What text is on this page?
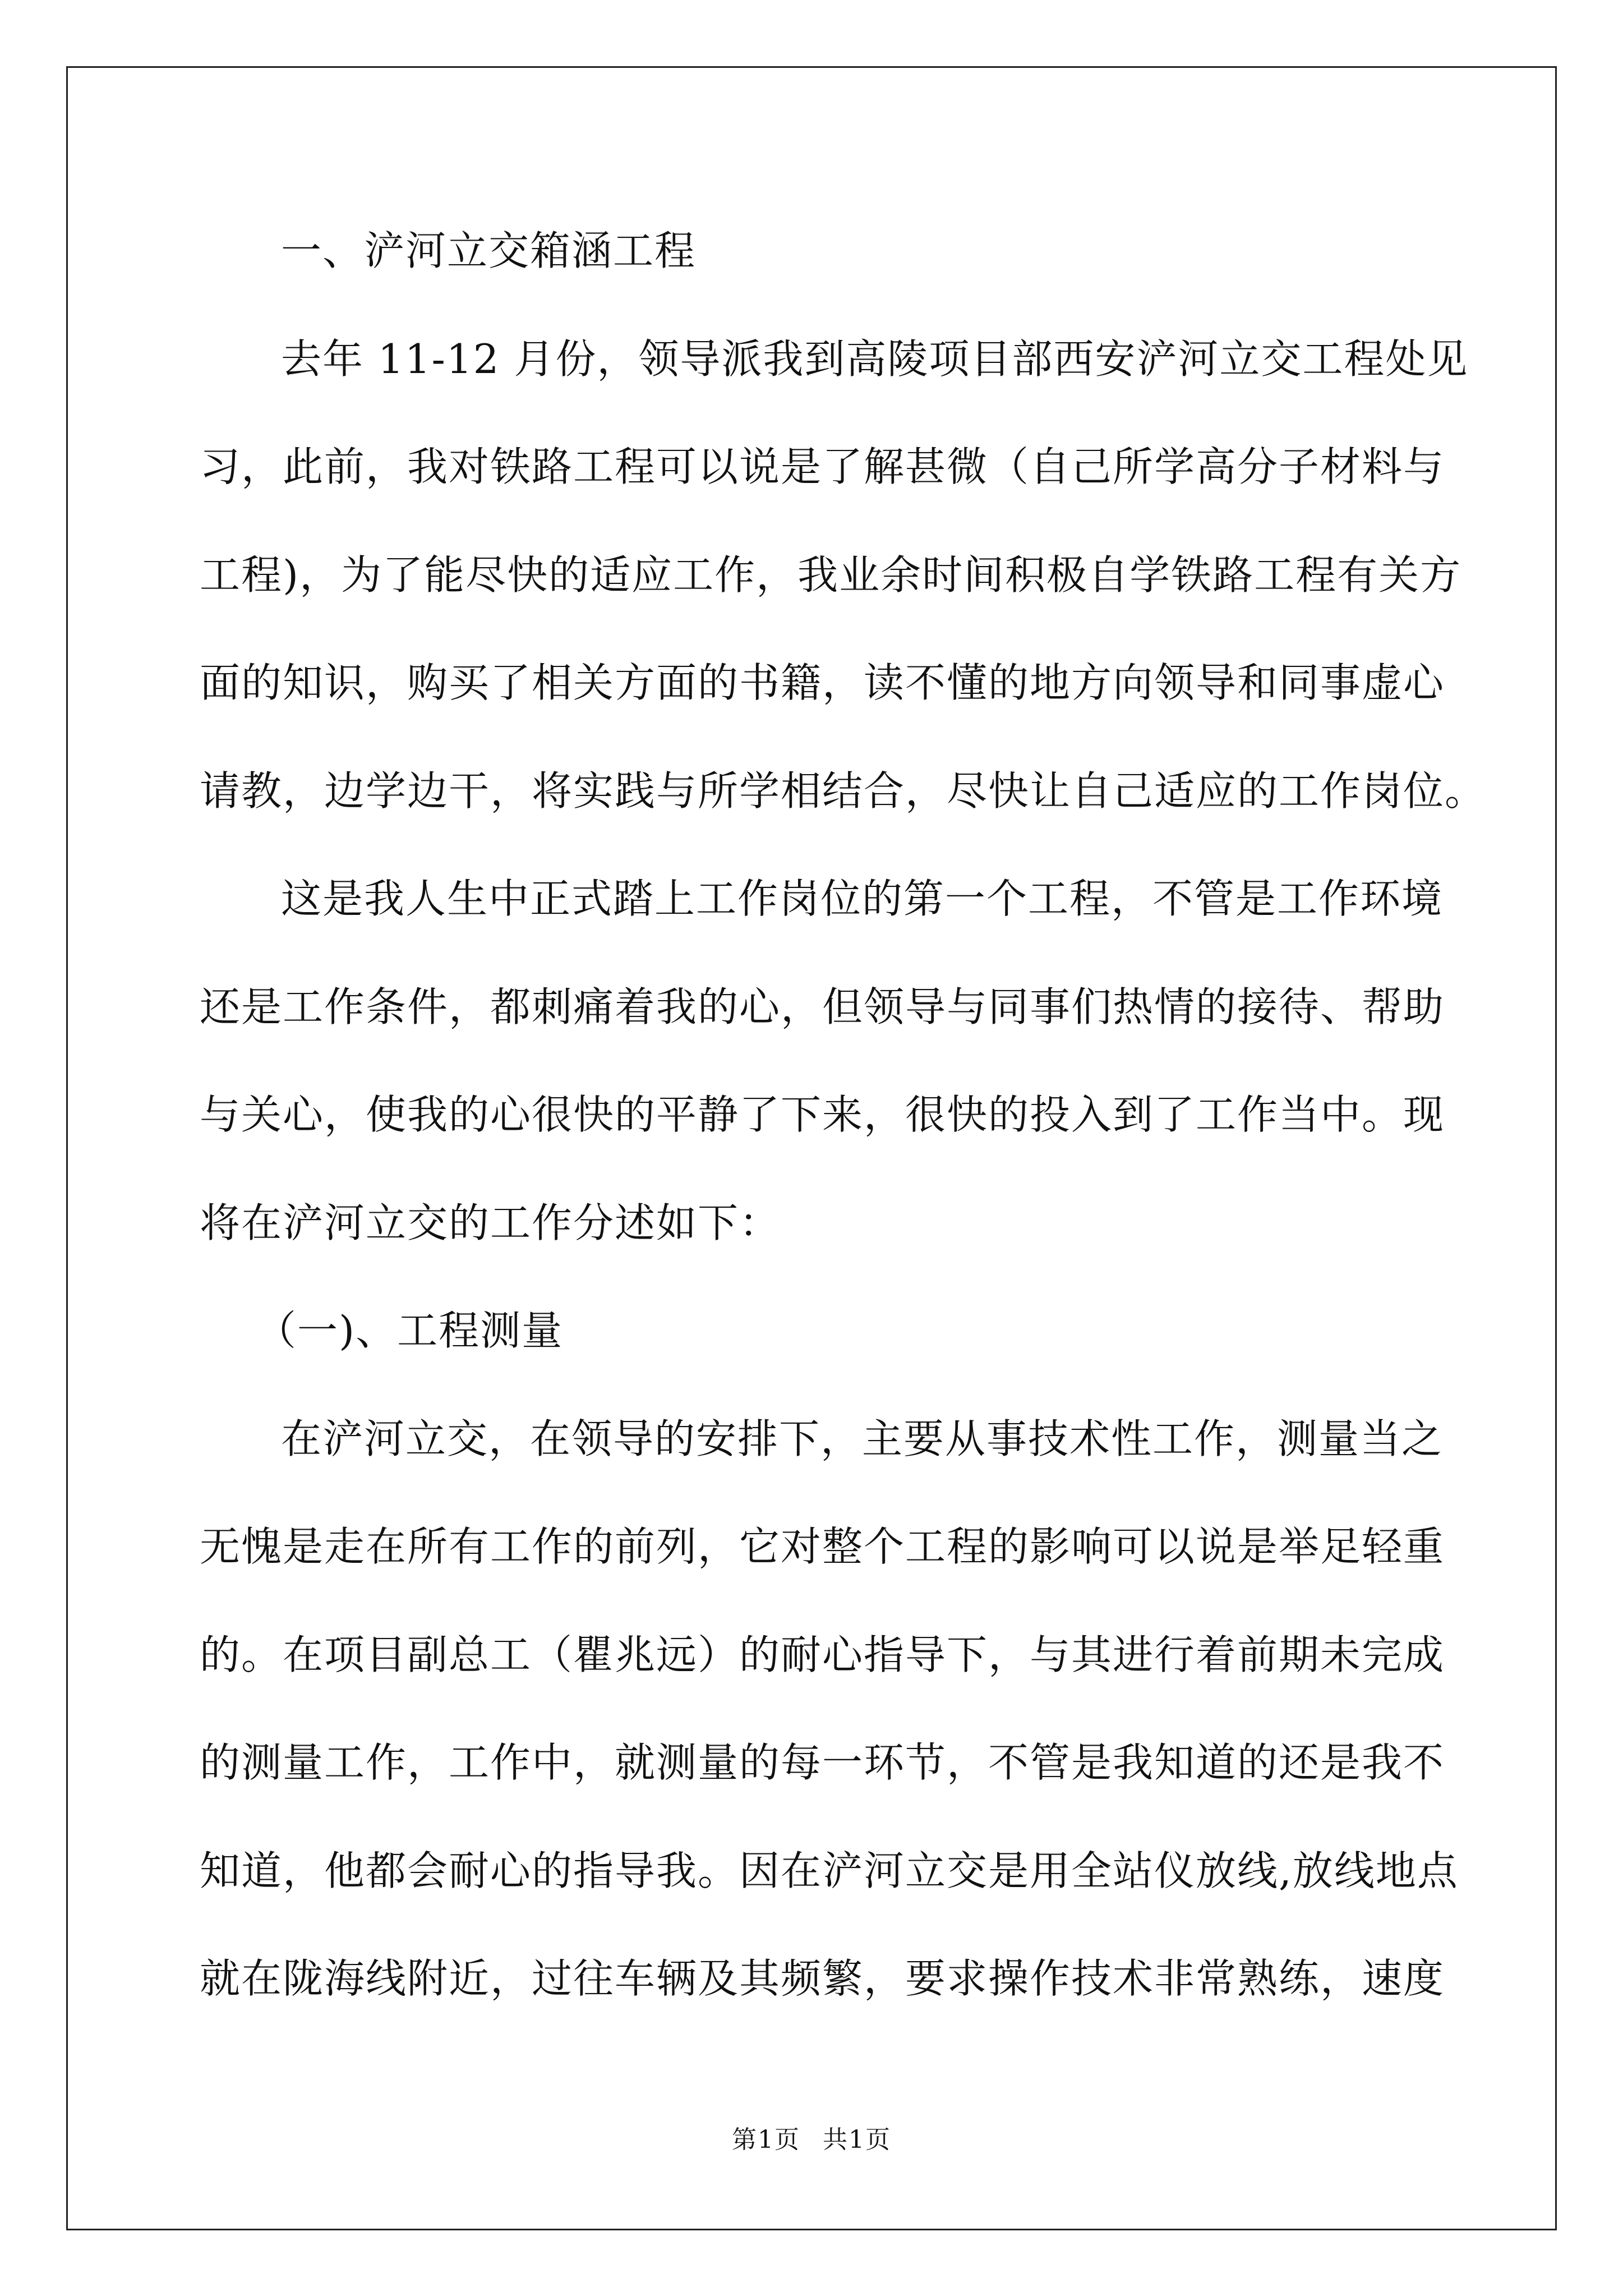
一、浐河立交箱涵工程
去年 11-12 月份，领导派我到高陵项目部西安浐河立交工程处见
习，此前，我对铁路工程可以说是了解甚微（自己所学高分子材料与
工程)，为了能尽快的适应工作，我业余时间积极自学铁路工程有关方
面的知识，购买了相关方面的书籍，读不懂的地方向领导和同事虚心
请教，边学边干，将实践与所学相结合，尽快让自己适应的工作岗位。
这是我人生中正式踏上工作岗位的第一个工程，不管是工作环境
还是工作条件，都刺痛着我的心，但领导与同事们热情的接待、帮助
与关心，使我的心很快的平静了下来，很快的投入到了工作当中。现
将在浐河立交的工作分述如下：
（一)、工程测量
在浐河立交，在领导的安排下，主要从事技术性工作，测量当之
无愧是走在所有工作的前列，它对整个工程的影响可以说是举足轻重
的。在项目副总工（瞿兆远）的耐心指导下，与其进行着前期未完成
的测量工作，工作中，就测量的每一环节，不管是我知道的还是我不
知道，他都会耐心的指导我。因在浐河立交是用全站仪放线,放线地点
就在陇海线附近，过往车辆及其频繁，要求操作技术非常熟练，速度
第1页 共1页
